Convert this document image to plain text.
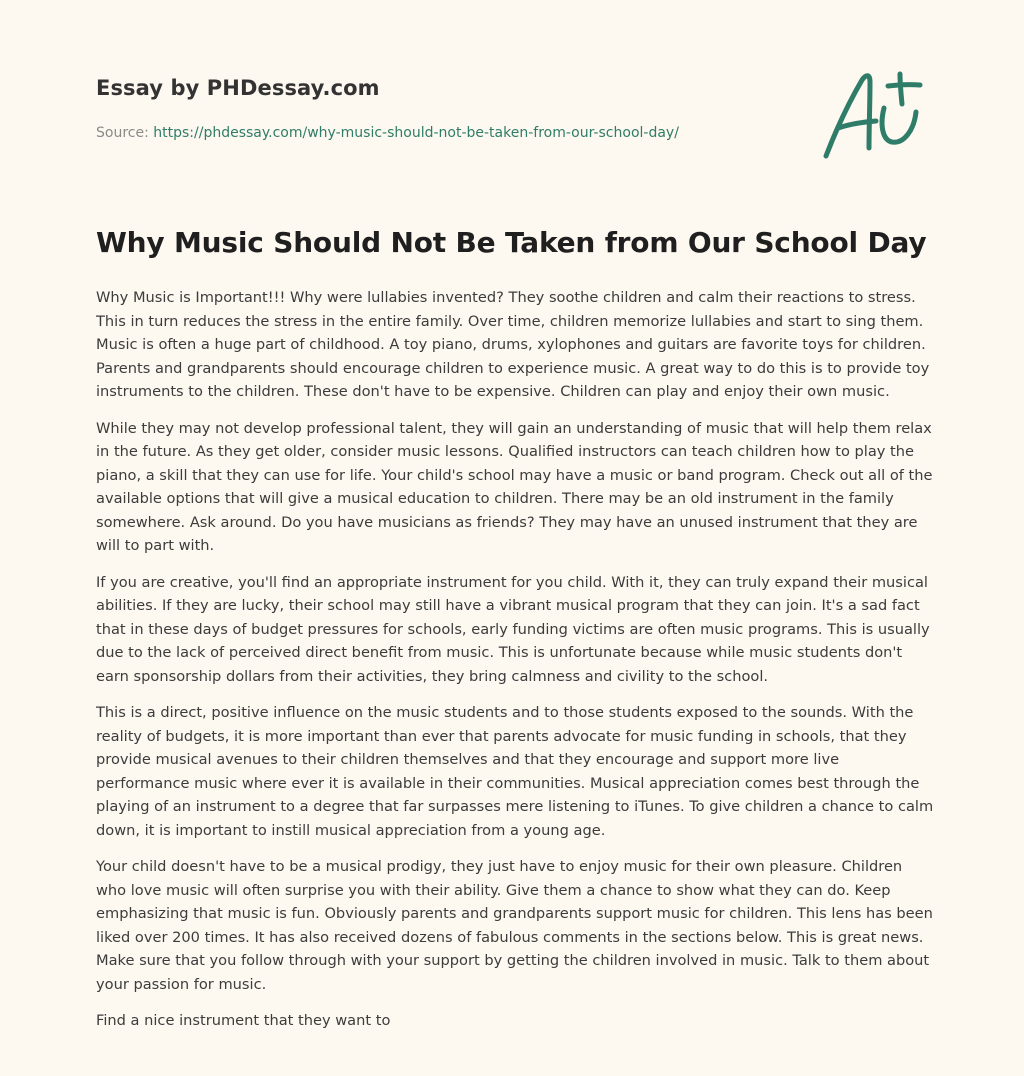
Essay by PHDessay.com
Source: https://phdessay.com/why-music-should-not-be-taken-from-our-school-day/
Why Music Should Not Be Taken from Our School Day

Why Music is Important!!! Why were lullabies invented? They soothe children and calm their reactions to stress. This in turn reduces the stress in the entire family. Over time, children memorize lullabies and start to sing them. Music is often a huge part of childhood. A toy piano, drums, xylophones and guitars are favorite toys for children. Parents and grandparents should encourage children to experience music. A great way to do this is to provide toy instruments to the children. These don't have to be expensive. Children can play and enjoy their own music.

While they may not develop professional talent, they will gain an understanding of music that will help them relax in the future. As they get older, consider music lessons. Qualified instructors can teach children how to play the piano, a skill that they can use for life. Your child's school may have a music or band program. Check out all of the available options that will give a musical education to children. There may be an old instrument in the family somewhere. Ask around. Do you have musicians as friends? They may have an unused instrument that they are will to part with.

If you are creative, you'll find an appropriate instrument for you child. With it, they can truly expand their musical abilities. If they are lucky, their school may still have a vibrant musical program that they can join. It's a sad fact that in these days of budget pressures for schools, early funding victims are often music programs. This is usually due to the lack of perceived direct benefit from music. This is unfortunate because while music students don't earn sponsorship dollars from their activities, they bring calmness and civility to the school.

This is a direct, positive influence on the music students and to those students exposed to the sounds. With the reality of budgets, it is more important than ever that parents advocate for music funding in schools, that they provide musical avenues to their children themselves and that they encourage and support more live performance music where ever it is available in their communities. Musical appreciation comes best through the playing of an instrument to a degree that far surpasses mere listening to iTunes. To give children a chance to calm down, it is important to instill musical appreciation from a young age.

Your child doesn't have to be a musical prodigy, they just have to enjoy music for their own pleasure. Children who love music will often surprise you with their ability. Give them a chance to show what they can do. Keep emphasizing that music is fun. Obviously parents and grandparents support music for children. This lens has been liked over 200 times. It has also received dozens of fabulous comments in the sections below. This is great news. Make sure that you follow through with your support by getting the children involved in music. Talk to them about your passion for music.

Find a nice instrument that they want to
